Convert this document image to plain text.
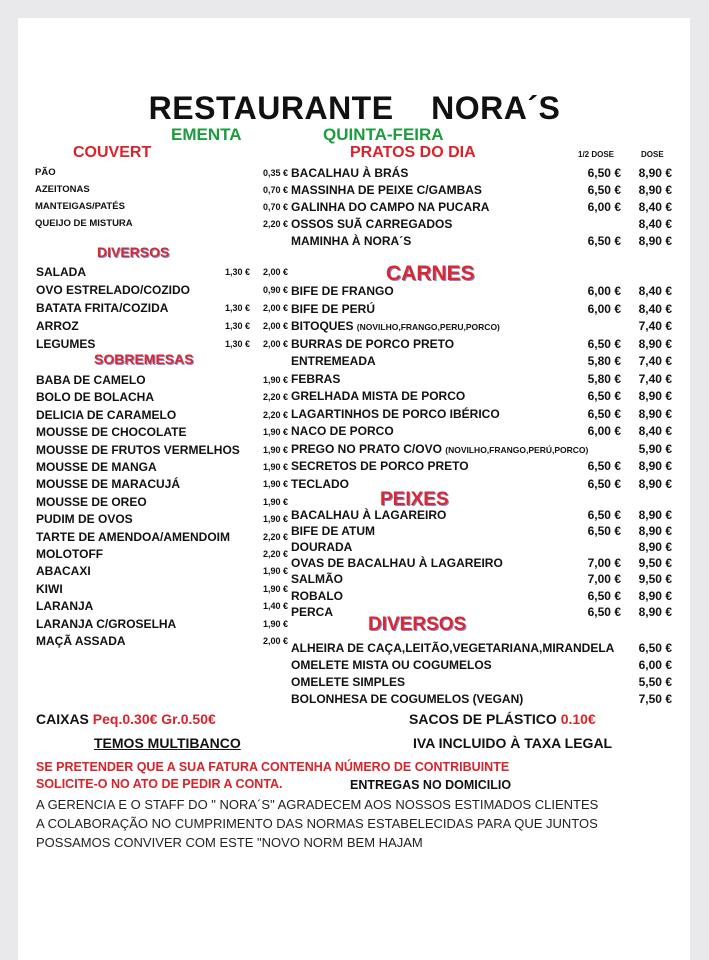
RESTAURANTE    NORA´S
EMENTA	QUINTA-FEIRA
COUVERT	PRATOS DO DIA	1/2 DOSE	DOSE
PÃO	0,35 €
AZEITONAS	0,70 €
MANTEIGAS/PATÉS	0,70 €
QUEIJO DE MISTURA	2,20 €
BACALHAU À BRÁS	6,50 € 8,90 €
MASSINHA DE PEIXE C/GAMBAS	6,50 € 8,90 €
GALINHA DO CAMPO NA PUCARA	6,00 € 8,40 €
OSSOS SUÃ CARREGADOS	8,40 €
MAMINHA À NORA´S	6,50 € 8,90 €
DIVERSOS
SALADA	1,30 € 2,00 €
OVO ESTRELADO/COZIDO	0,90 €
BATATA FRITA/COZIDA	1,30 € 2,00 €
ARROZ	1,30 € 2,00 €
LEGUMES	1,30 € 2,00 €
CARNES
BIFE DE FRANGO	6,00 € 8,40 €
BIFE DE PERÚ	6,00 € 8,40 €
BITOQUES (NOVILHO,FRANGO,PERU,PORCO)	7,40 €
BURRAS DE PORCO PRETO	6,50 € 8,90 €
ENTREMEADA	5,80 € 7,40 €
FEBRAS	5,80 € 7,40 €
GRELHADA MISTA DE PORCO	6,50 € 8,90 €
LAGARTINHOS DE PORCO IBÉRICO	6,50 € 8,90 €
NACO DE PORCO	6,00 € 8,40 €
PREGO NO PRATO C/OVO (NOVILHO,FRANGO,PERÚ,PORCO)	5,90 €
SECRETOS DE PORCO PRETO	6,50 € 8,90 €
TECLADO	6,50 € 8,90 €
SOBREMESAS
BABA DE CAMELO	1,90 €
BOLO DE BOLACHA	2,20 €
DELICIA DE CARAMELO	2,20 €
MOUSSE DE CHOCOLATE	1,90 €
MOUSSE DE FRUTOS VERMELHOS	1,90 €
MOUSSE DE MANGA	1,90 €
MOUSSE DE MARACUJÁ	1,90 €
MOUSSE DE OREO	1,90 €
PUDIM DE OVOS	1,90 €
TARTE DE AMENDOA/AMENDOIM	2,20 €
MOLOTOFF	2,20 €
ABACAXI	1,90 €
KIWI	1,90 €
LARANJA	1,40 €
LARANJA C/GROSELHA	1,90 €
MAÇÃ ASSADA	2,00 €
PEIXES
BACALHAU À LAGAREIRO	6,50 € 8,90 €
BIFE DE ATUM	6,50 € 8,90 €
DOURADA	8,90 €
OVAS DE BACALHAU À LAGAREIRO	7,00 € 9,50 €
SALMÃO	7,00 € 9,50 €
ROBALO	6,50 € 8,90 €
PERCA	6,50 € 8,90 €
DIVERSOS
ALHEIRA DE CAÇA,LEITÃO,VEGETARIANA,MIRANDELA 6,50 €
OMELETE MISTA OU COGUMELOS	6,00 €
OMELETE SIMPLES	5,50 €
BOLONHESA DE COGUMELOS (VEGAN)	7,50 €
CAIXAS Peq.0.30€ Gr.0.50€	SACOS DE PLÁSTICO 0.10€
TEMOS MULTIBANCO	IVA INCLUIDO À TAXA LEGAL
SE PRETENDER QUE A SUA FATURA CONTENHA NÚMERO DE CONTRIBUINTE
SOLICITE-O NO ATO DE PEDIR A CONTA.	ENTREGAS NO DOMICILIO
A GERENCIA E O STAFF DO " NORA´S" AGRADECEM AOS NOSSOS ESTIMADOS CLIENTES
A COLABORAÇÃO NO CUMPRIMENTO DAS NORMAS ESTABELECIDAS PARA QUE JUNTOS
POSSAMOS CONVIVER COM ESTE "NOVO NORM BEM HAJAM
